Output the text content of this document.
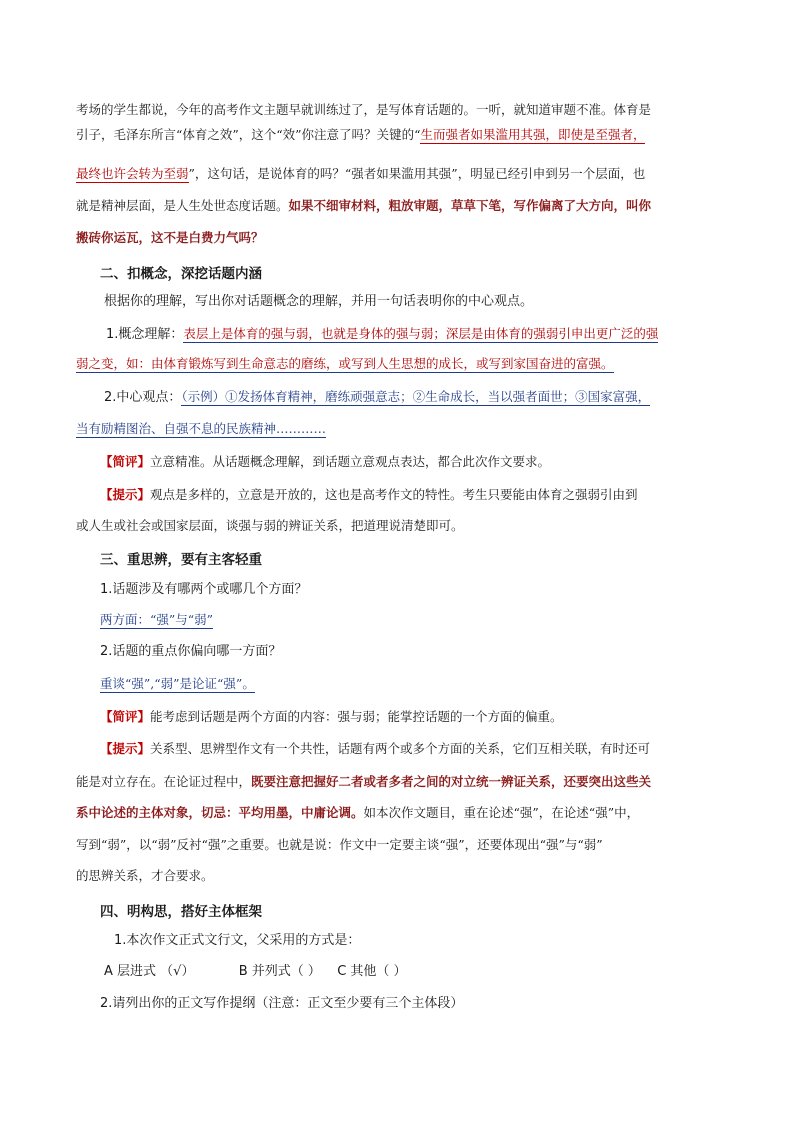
考场的学生都说，今年的高考作文主题早就训练过了，是写体育话题的。一听，就知道审题不准。体育是
引子，毛泽东所言“体育之效”，这个“效”你注意了吗？关键的“生而强者如果滥用其强，即使是至强者，
最终也许会转为至弱”，这句话，是说体育的吗？“强者如果滥用其强”，明显已经引申到另一个层面，也
就是精神层面，是人生处世态度话题。如果不细审材料，粗放审题，草草下笔，写作偏离了大方向，叫你
搬砖你运瓦，这不是白费力气吗？
二、扣概念，深挖话题内涵
根据你的理解，写出你对话题概念的理解，并用一句话表明你的中心观点。
1.概念理解：表层上是体育的强与弱，也就是身体的强与弱；深层是由体育的强弱引申出更广泛的强
弱之变，如：由体育锻炼写到生命意志的磨练，或写到人生思想的成长，或写到家国奋进的富强。
2.中心观点：（示例）①发扬体育精神，磨练顽强意志；②生命成长，当以强者面世；③国家富强，
当有励精图治、自强不息的民族精神…………
【简评】立意精准。从话题概念理解，到话题立意观点表达，都合此次作文要求。
【提示】观点是多样的，立意是开放的，这也是高考作文的特性。考生只要能由体育之强弱引由到
或人生或社会或国家层面，谈强与弱的辨证关系，把道理说清楚即可。
三、重思辨，要有主客轻重
1.话题涉及有哪两个或哪几个方面？
两方面：“强”与“弱”
2.话题的重点你偏向哪一方面？
重谈“强”,“弱”是论证“强”。
【简评】能考虑到话题是两个方面的内容：强与弱；能掌控话题的一个方面的偏重。
【提示】关系型、思辨型作文有一个共性，话题有两个或多个方面的关系，它们互相关联，有时还可
能是对立存在。在论证过程中，既要注意把握好二者或者多者之间的对立统一辨证关系，还要突出这些关
系中论述的主体对象，切忌：平均用墨，中庸论调。如本次作文题目，重在论述“强”，在论述“强”中，
写到“弱”，以“弱”反衬“强”之重要。也就是说：作文中一定要主谈“强”，还要体现出“强”与“弱”
的思辨关系，才合要求。
四、明构思，搭好主体框架
1.本次作文正式文行文，父采用的方式是：
A 层进式 （√）	B 并列式（ ） C 其他（ ）
2.请列出你的正文写作提纲（注意：正文至少要有三个主体段）
